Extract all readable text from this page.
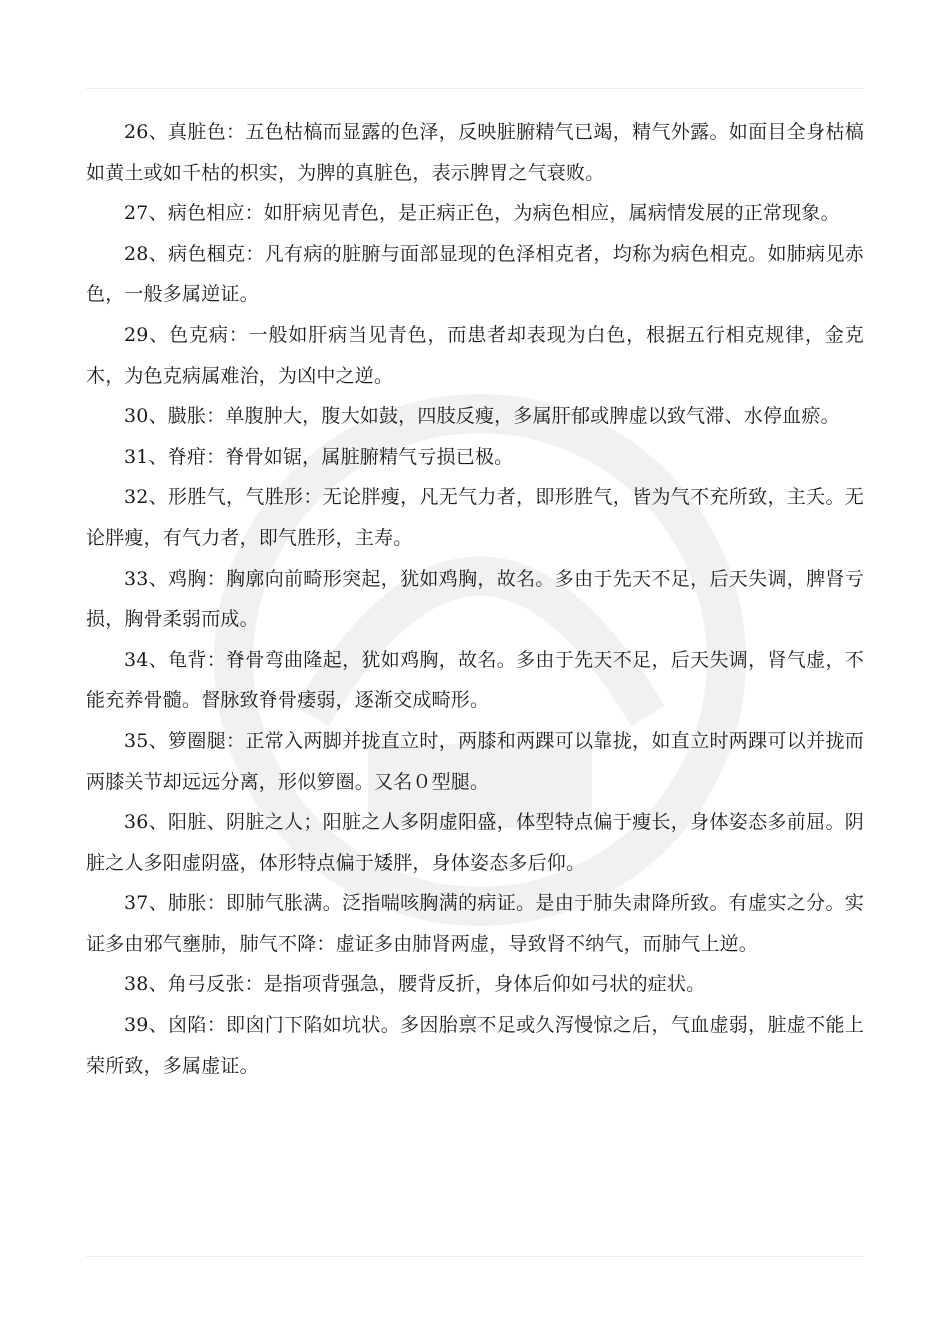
26、真脏色：五色枯槁而显露的色泽，反映脏腑精气已竭，精气外露。如面目全身枯槁如黄土或如千枯的枳实，为脾的真脏色，表示脾胃之气衰败。

27、病色相应：如肝病见青色，是正病正色，为病色相应，属病情发展的正常现象。

28、病色椢克：凡有病的脏腑与面部显现的色泽相克者，均称为病色相克。如肺病见赤色，一般多属逆证。

29、色克病：一般如肝病当见青色，而患者却表现为白色，根据五行相克规律，金克木，为色克病属难治，为凶中之逆。

30、臌胀：单腹肿大，腹大如鼓，四肢反瘦，多属肝郁或脾虚以致气滞、水停血瘀。

31、脊疳：脊骨如锯，属脏腑精气亏损已极。

32、形胜气，气胜形：无论胖瘦，凡无气力者，即形胜气，皆为气不充所致，主夭。无论胖瘦，有气力者，即气胜形，主寿。

33、鸡胸：胸廓向前畸形突起，犹如鸡胸，故名。多由于先天不足，后天失调，脾肾亏损，胸骨柔弱而成。

34、龟背：脊骨弯曲隆起，犹如鸡胸，故名。多由于先天不足，后天失调，肾气虚，不能充养骨髓。督脉致脊骨痿弱，逐渐交成畸形。

35、箩圈腿：正常入两脚并拢直立时，两膝和两踝可以靠拢，如直立时两踝可以并拢而两膝关节却远远分离，形似箩圈。又名０型腿。

36、阳脏、阴脏之人；阳脏之人多阴虚阳盛，体型特点偏于瘦长，身体姿态多前屈。阴脏之人多阳虚阴盛，体形特点偏于矮胖，身体姿态多后仰。

37、肺胀：即肺气胀满。泛指喘咳胸满的病证。是由于肺失肃降所致。有虚实之分。实证多由邪气壅肺，肺气不降：虚证多由肺肾两虚，导致肾不纳气，而肺气上逆。

38、角弓反张：是指项背强急，腰背反折，身体后仰如弓状的症状。

39、囟陷：即囟门下陷如坑状。多因胎禀不足或久泻慢惊之后，气血虚弱，脏虚不能上荣所致，多属虚证。
